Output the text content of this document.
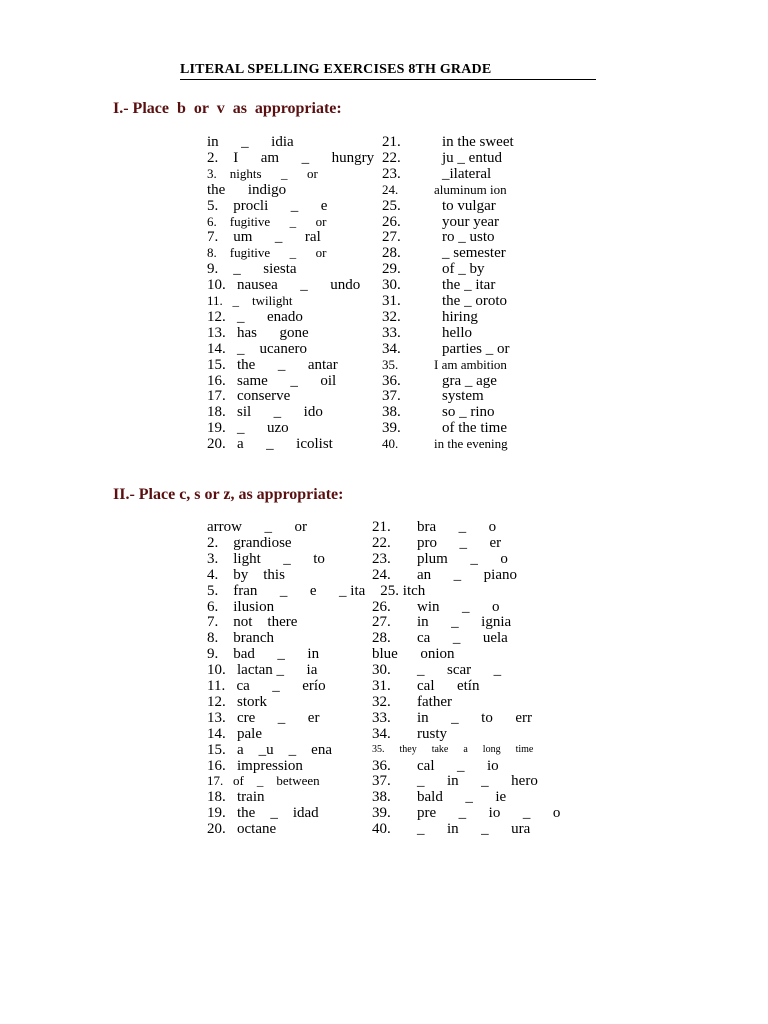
LITERAL SPELLING EXERCISES 8TH GRADE
I.- Place  b  or  v  as  appropriate:
II.- Place c, s or z, as appropriate:
in      _      idia
2.    I      am      _      hungry
3.    nights      _      or
the      indigo
5.    procli      _      e
6.    fugitive      _      or
7.    um      _      ral
8.    fugitive      _      or
9.    _      siesta
10.   nausea      _      undo
11.   _    twilight
12.   _      enado
13.   has      gone
14.   _    ucanero
15.   the      _      antar
16.   same      _      oil
17.   conserve
18.   sil      _      ido
19.   _      uzo
20.   a      _      icolist
21.           in the sweet
22.           ju _ entud
23.           _ilateral
24.           aluminum ion
25.           to vulgar
26.           your year
27.           ro _ usto
28.           _ semester
29.           of _ by
30.           the _ itar
31.           the _ oroto
32.           hiring
33.           hello
34.           parties _ or
35.           I am ambition
36.           gra _ age
37.           system
38.           so _ rino
39.           of the time
40.           in the evening
arrow      _      or
2.    grandiose
3.    light      _      to
4.    by    this
5.    fran      _      e      _ ita    25. itch
6.    ilusion
7.    not    there
8.    branch
9.    bad      _      in
10.   lactan _      ia
11.   ca      _      erío
12.   stork
13.   cre      _      er
14.   pale
15.   a    _u    _    ena
16.   impression
17.   of    _    between
18.   train
19.   the    _    idad
20.   octane
21.       bra      _      o
22.       pro      _      er
23.       plum      _      o
24.       an      _      piano
26.       win      _      o
27.       in      _      ignia
28.       ca      _      uela
blue      onion
30.       _      scar      _
31.       cal      etín
32.       father
33.       in      _      to      err
34.       rusty
35.      they      take      a      long      time
36.       cal      _      io
37.       _      in      _      hero
38.       bald      _      ie
39.       pre      _      io      _      o
40.       _      in      _      ura
